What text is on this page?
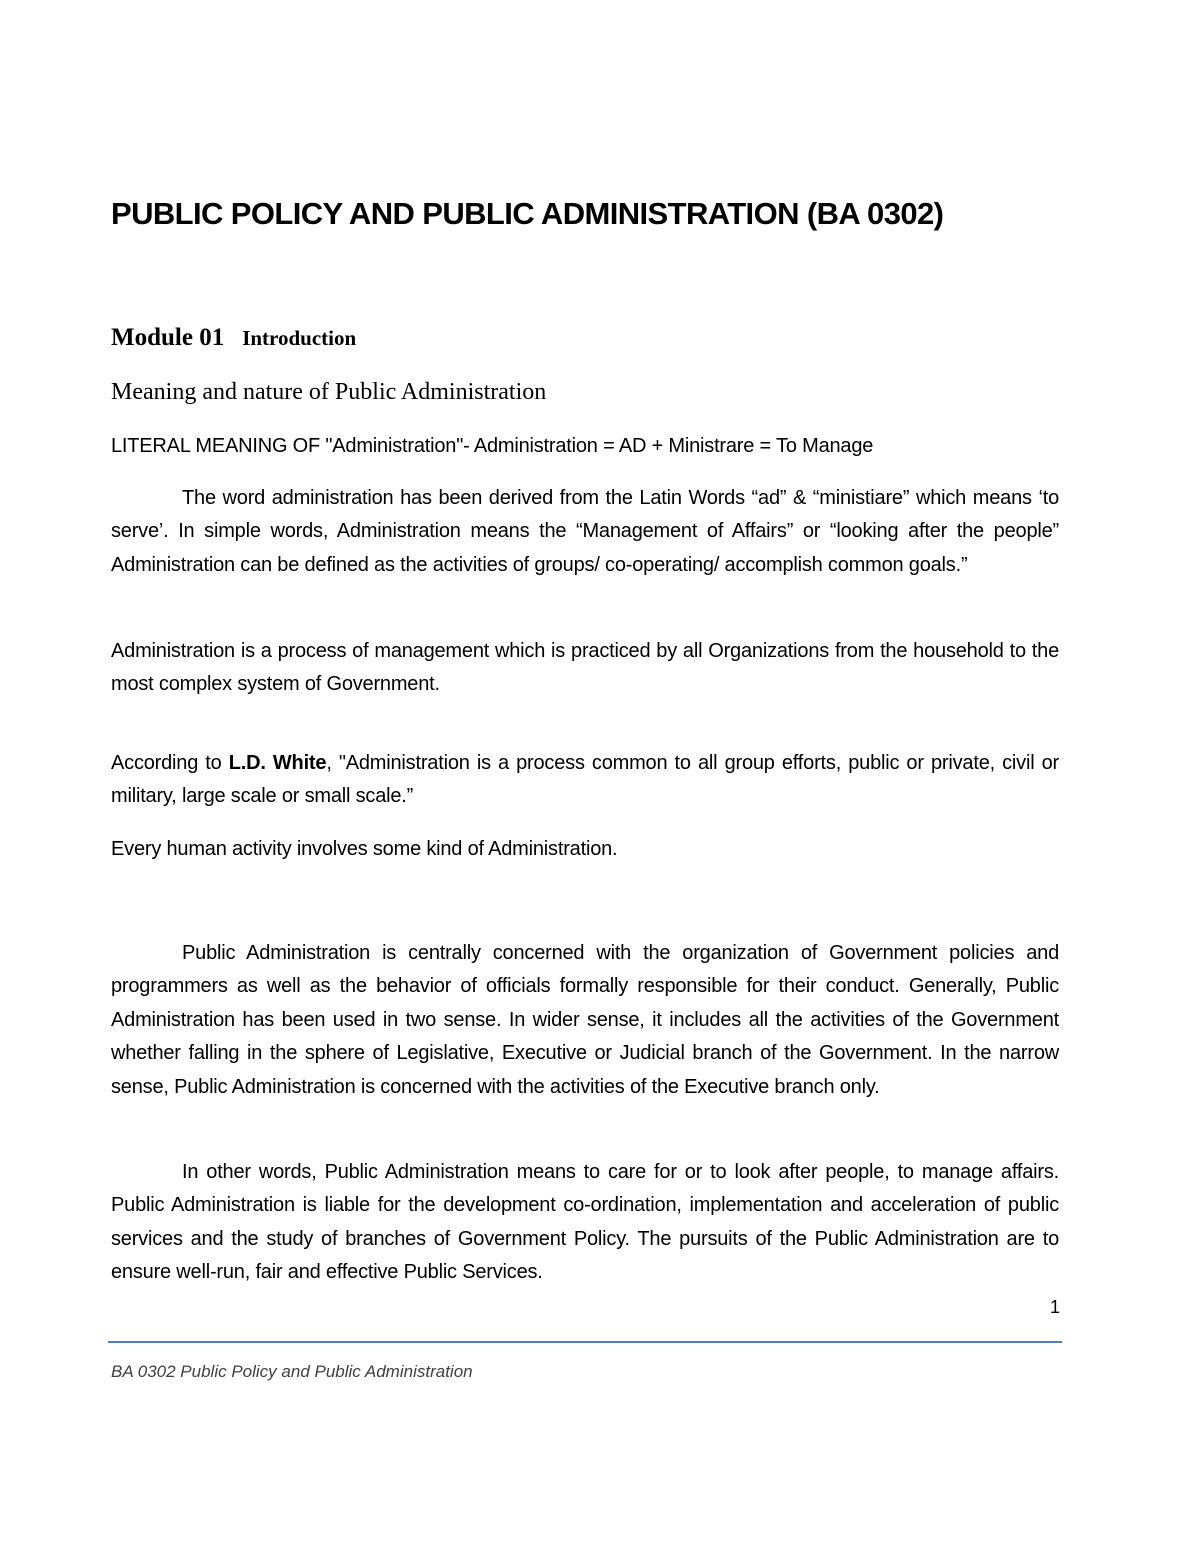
PUBLIC POLICY AND PUBLIC ADMINISTRATION (BA 0302)
Module 01 Introduction
Meaning and nature of Public Administration

LITERAL MEANING OF "Administration"- Administration = AD + Ministrare = To Manage

The word administration has been derived from the Latin Words “ad” & “ministiare” which means ‘to serve’. In simple words, Administration means the “Management of Affairs” or “looking after the people” Administration can be defined as the activities of groups/ co-operating/ accomplish common goals.”

Administration is a process of management which is practiced by all Organizations from the household to the most complex system of Government.

According to L.D. White, "Administration is a process common to all group efforts, public or private, civil or military, large scale or small scale.”

Every human activity involves some kind of Administration.

Public Administration is centrally concerned with the organization of Government policies and programmers as well as the behavior of officials formally responsible for their conduct. Generally, Public Administration has been used in two sense. In wider sense, it includes all the activities of the Government whether falling in the sphere of Legislative, Executive or Judicial branch of the Government. In the narrow sense, Public Administration is concerned with the activities of the Executive branch only.

In other words, Public Administration means to care for or to look after people, to manage affairs. Public Administration is liable for the development co-ordination, implementation and acceleration of public services and the study of branches of Government Policy. The pursuits of the Public Administration are to ensure well-run, fair and effective Public Services.

1
BA 0302 Public Policy and Public Administration
